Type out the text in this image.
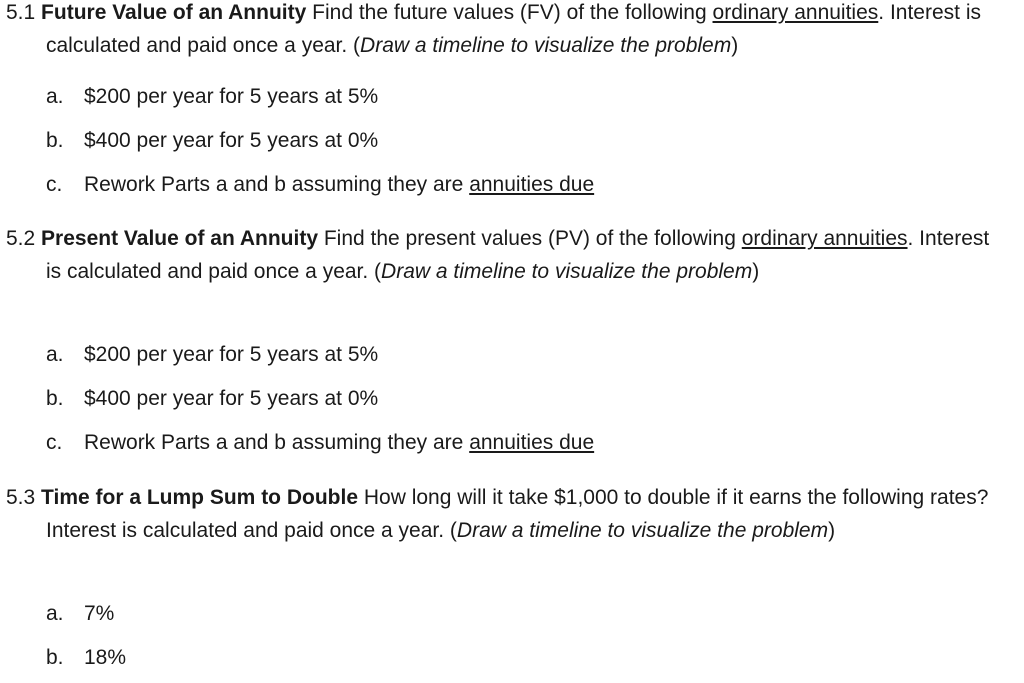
5.1 Future Value of an Annuity Find the future values (FV) of the following ordinary annuities. Interest is calculated and paid once a year. (Draw a timeline to visualize the problem)

a. $200 per year for 5 years at 5%
b. $400 per year for 5 years at 0%
c. Rework Parts a and b assuming they are annuities due

5.2 Present Value of an Annuity Find the present values (PV) of the following ordinary annuities. Interest is calculated and paid once a year. (Draw a timeline to visualize the problem)

a. $200 per year for 5 years at 5%
b. $400 per year for 5 years at 0%
c. Rework Parts a and b assuming they are annuities due

5.3 Time for a Lump Sum to Double How long will it take $1,000 to double if it earns the following rates? Interest is calculated and paid once a year. (Draw a timeline to visualize the problem)

a. 7%
b. 18%
